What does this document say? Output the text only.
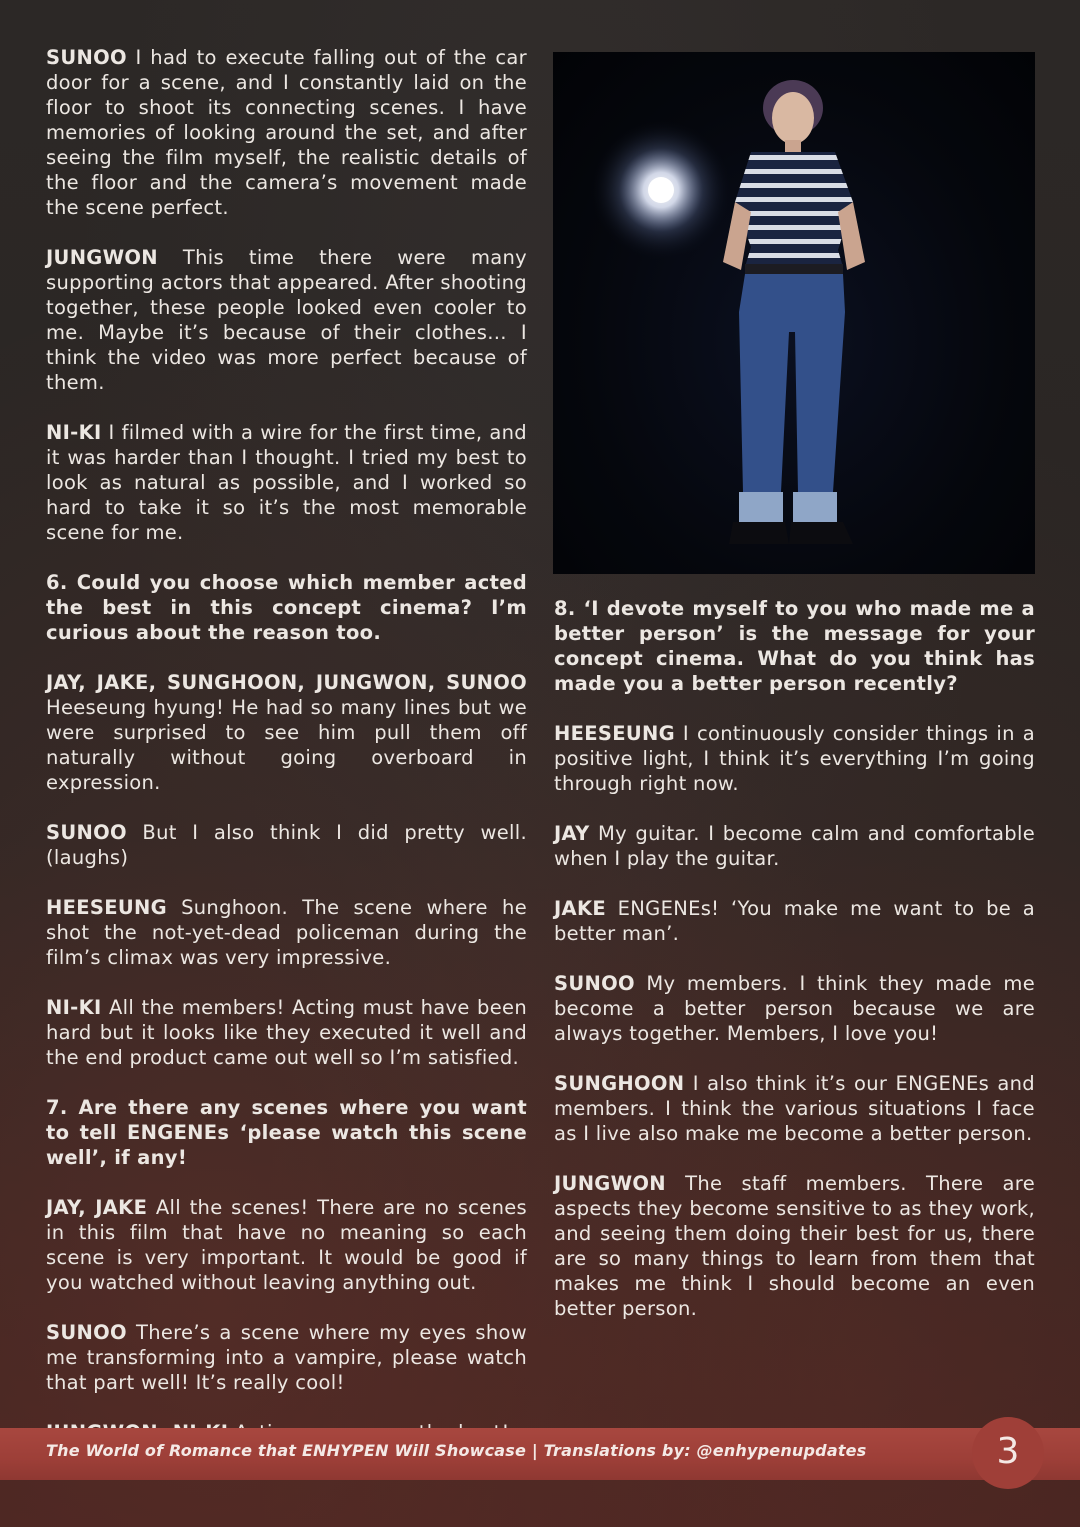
SUNOO I had to execute falling out of the car door for a scene, and I constantly laid on the floor to shoot its connecting scenes. I have memories of looking around the set, and after seeing the film myself, the realistic details of the floor and the camera’s movement made the scene perfect.

JUNGWON This time there were many supporting actors that appeared. After shooting together, these people looked even cooler to me. Maybe it’s because of their clothes… I think the video was more perfect because of them.

NI-KI I filmed with a wire for the first time, and it was harder than I thought. I tried my best to look as natural as possible, and I worked so hard to take it so it’s the most memorable scene for me.

6. Could you choose which member acted the best in this concept cinema? I’m curious about the reason too.

JAY, JAKE, SUNGHOON, JUNGWON, SUNOO Heeseung hyung! He had so many lines but we were surprised to see him pull them off naturally without going overboard in expression.

SUNOO But I also think I did pretty well. (laughs)

HEESEUNG Sunghoon. The scene where he shot the not-yet-dead policeman during the film’s climax was very impressive.

NI-KI All the members! Acting must have been hard but it looks like they executed it well and the end product came out well so I’m satisfied.

7. Are there any scenes where you want to tell ENGENEs ‘please watch this scene well’, if any!

JAY, JAKE All the scenes! There are no scenes in this film that have no meaning so each scene is very important. It would be good if you watched without leaving anything out.

SUNOO There’s a scene where my eyes show me transforming into a vampire, please watch that part well! It’s really cool!

8. ‘I devote myself to you who made me a better person’ is the message for your concept cinema. What do you think has made you a better person recently?

HEESEUNG I continuously consider things in a positive light, I think it’s everything I’m going through right now.

JAY My guitar. I become calm and comfortable when I play the guitar.

JAKE ENGENEs! ‘You make me want to be a better man’.

SUNOO My members. I think they made me become a better person because we are always together. Members, I love you!

SUNGHOON I also think it’s our ENGENEs and members. I think the various situations I face as I live also make me become a better person.

JUNGWON The staff members. There are aspects they become sensitive to as they work, and seeing them doing their best for us, there are so many things to learn from them that makes me think I should become an even better person.

The World of Romance that ENHYPEN Will Showcase | Translations by: @enhypenupdates	3
